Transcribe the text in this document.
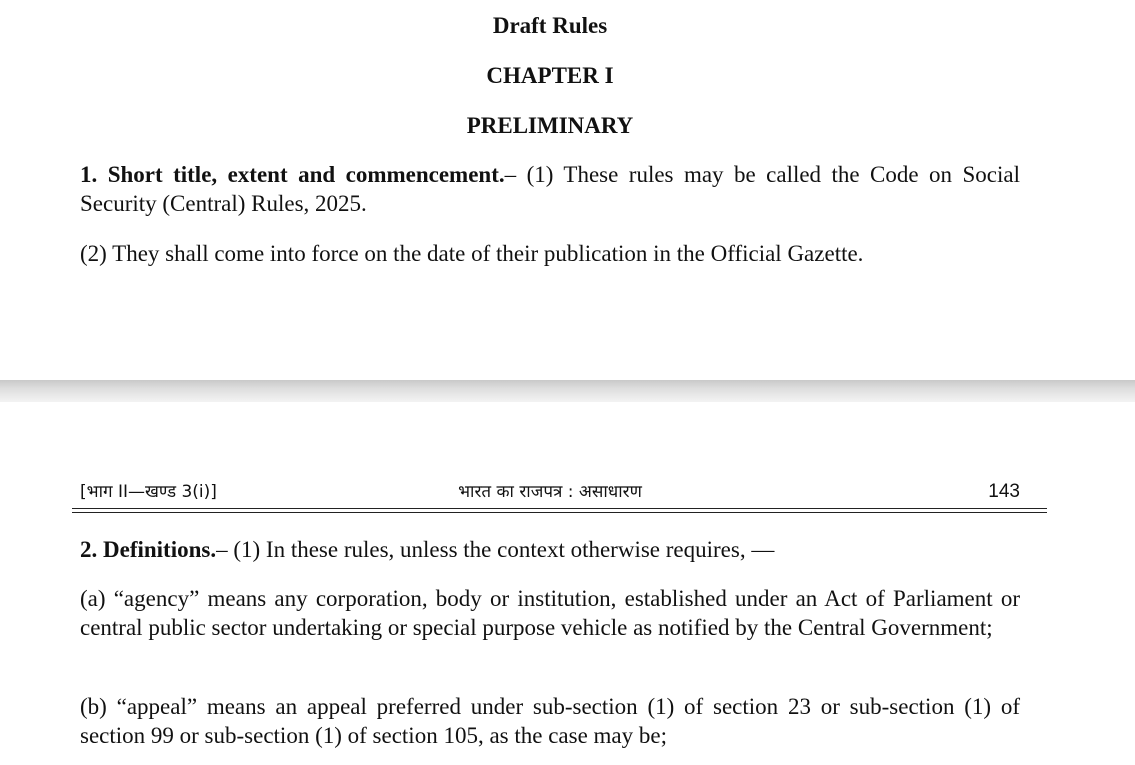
Draft Rules
CHAPTER I
PRELIMINARY
1. Short title, extent and commencement.– (1) These rules may be called the Code on Social Security (Central) Rules, 2025.
(2) They shall come into force on the date of their publication in the Official Gazette.
[भाग II—खण्ड 3(i)]	भारत का राजपत्र : असाधारण	143
2. Definitions.– (1) In these rules, unless the context otherwise requires, —
(a) “agency” means any corporation, body or institution, established under an Act of Parliament or central public sector undertaking or special purpose vehicle as notified by the Central Government;
(b) “appeal” means an appeal preferred under sub-section (1) of section 23 or sub-section (1) of section 99 or sub-section (1) of section 105, as the case may be;
